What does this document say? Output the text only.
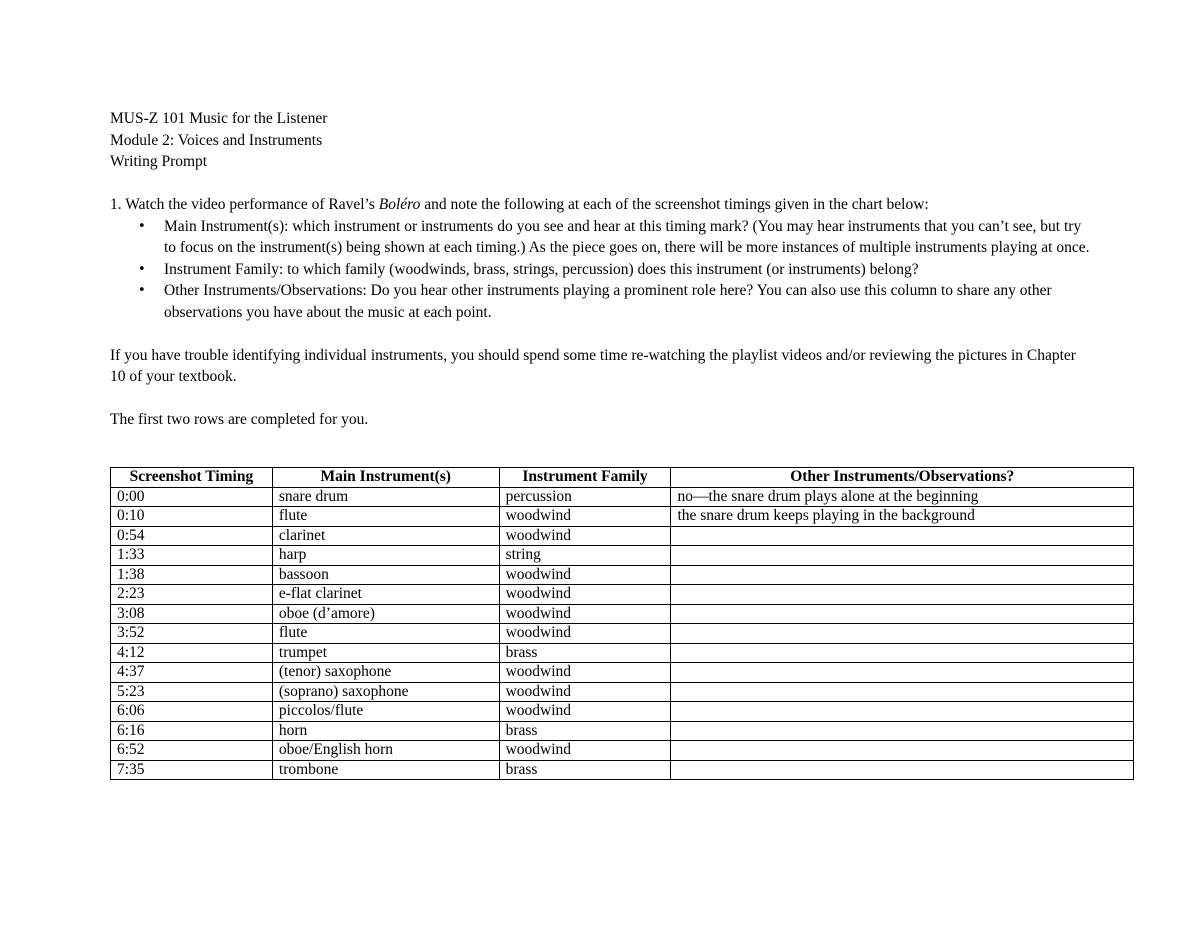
MUS-Z 101 Music for the Listener
Module 2: Voices and Instruments
Writing Prompt
1. Watch the video performance of Ravel’s Boléro and note the following at each of the screenshot timings given in the chart below:
• Main Instrument(s): which instrument or instruments do you see and hear at this timing mark? (You may hear instruments that you can’t see, but try to focus on the instrument(s) being shown at each timing.) As the piece goes on, there will be more instances of multiple instruments playing at once.
• Instrument Family: to which family (woodwinds, brass, strings, percussion) does this instrument (or instruments) belong?
• Other Instruments/Observations: Do you hear other instruments playing a prominent role here? You can also use this column to share any other observations you have about the music at each point.
If you have trouble identifying individual instruments, you should spend some time re-watching the playlist videos and/or reviewing the pictures in Chapter 10 of your textbook.
The first two rows are completed for you.
Screenshot Timing	Main Instrument(s)	Instrument Family	Other Instruments/Observations?
0:00	snare drum	percussion	no—the snare drum plays alone at the beginning
0:10	flute	woodwind	the snare drum keeps playing in the background
0:54	clarinet	woodwind	
1:33	harp	string	
1:38	bassoon	woodwind	
2:23	e-flat clarinet	woodwind	
3:08	oboe (d’amore)	woodwind	
3:52	flute	woodwind	
4:12	trumpet	brass	
4:37	(tenor) saxophone	woodwind	
5:23	(soprano) saxophone	woodwind	
6:06	piccolos/flute	woodwind	
6:16	horn	brass	
6:52	oboe/English horn	woodwind	
7:35	trombone	brass	
